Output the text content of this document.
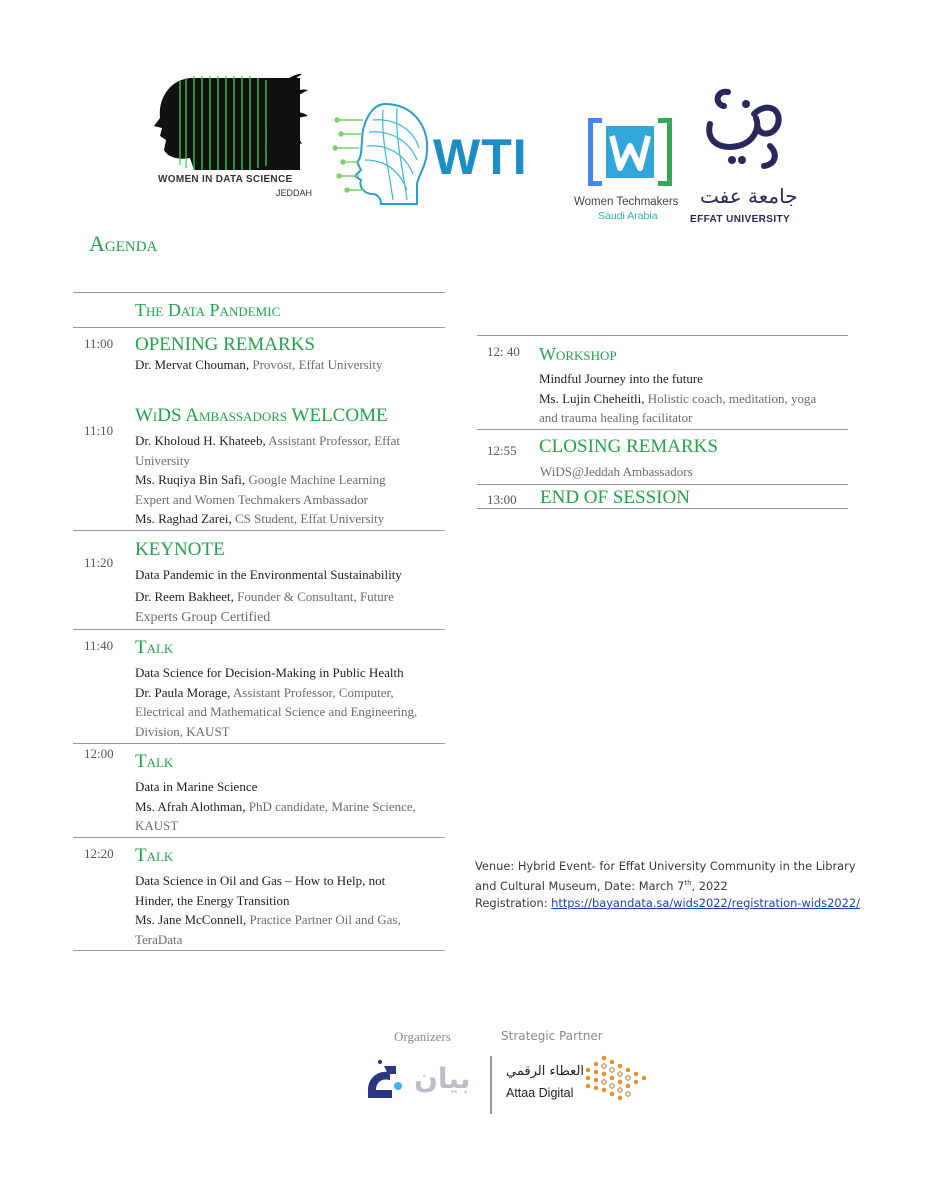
WOMEN IN DATA SCIENCE
JEDDAH
WTI
Women Techmakers
Saudi Arabia
جامعة عفت
EFFAT UNIVERSITY
Agenda
The Data Pandemic
11:00 OPENING REMARKS
Dr. Mervat Chouman, Provost, Effat University
11:10
WiDS Ambassadors WELCOME
Dr. Kholoud H. Khateeb, Assistant Professor, Effat
University
Ms. Ruqiya Bin Safi, Google Machine Learning
Expert and Women Techmakers Ambassador
Ms. Raghad Zarei, CS Student, Effat University
11:20
KEYNOTE
Data Pandemic in the Environmental Sustainability
Dr. Reem Bakheet, Founder & Consultant, Future
Experts Group Certified
11:40 Talk
Data Science for Decision-Making in Public Health
Dr. Paula Morage, Assistant Professor, Computer,
Electrical and Mathematical Science and Engineering,
Division, KAUST
12:00 Talk
Data in Marine Science
Ms. Afrah Alothman, PhD candidate, Marine Science,
KAUST
12:20 Talk
Data Science in Oil and Gas – How to Help, not
Hinder, the Energy Transition
Ms. Jane McConnell, Practice Partner Oil and Gas,
TeraData
12: 40 Workshop
Mindful Journey into the future
Ms. Lujin Cheheitli, Holistic coach, meditation, yoga
and trauma healing facilitator
12:55 CLOSING REMARKS
WiDS@Jeddah Ambassadors
13:00 END OF SESSION
Venue: Hybrid Event- for Effat University Community in the Library
and Cultural Museum, Date: March 7th, 2022
Registration: https://bayandata.sa/wids2022/registration-wids2022/
Organizers	Strategic Partner
بيان	العطاء الرقمي
Attaa Digital
